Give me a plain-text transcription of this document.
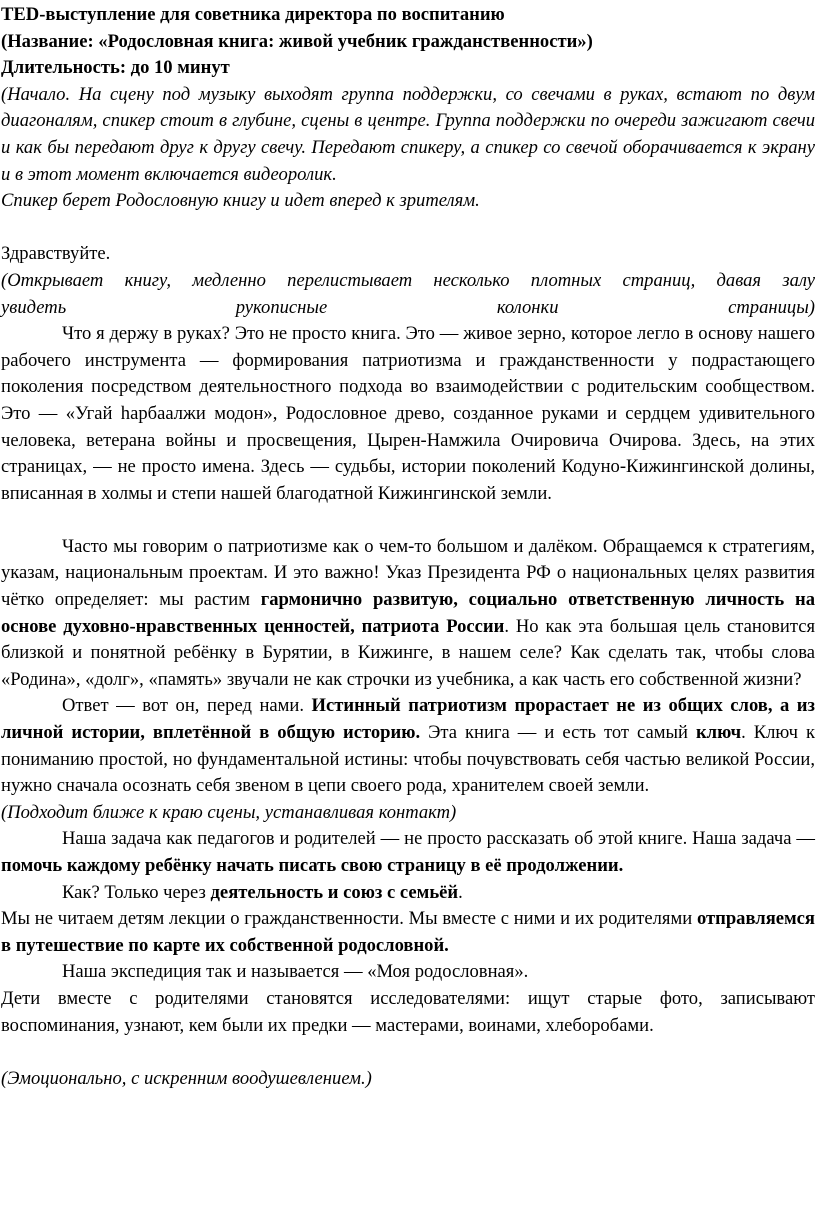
TED-выступление для советника директора по воспитанию

(Название: «Родословная книга: живой учебник гражданственности»)

Длительность: до 10 минут

(Начало. На сцену под музыку выходят группа поддержки, со свечами в руках, встают по двум диагоналям, спикер стоит в глубине, сцены в центре. Группа поддержки по очереди зажигают свечи и как бы передают друг к другу свечу. Передают спикеру, а спикер со свечой оборачивается к экрану и в этот момент включается видеоролик.

Спикер берет Родословную книгу и идет вперед к зрителям.

Здравствуйте.

(Открывает книгу, медленно перелистывает несколько плотных страниц, давая залу

увидеть рукописные колонки страницы)

Что я держу в руках? Это не просто книга. Это — живое зерно, которое легло в основу нашего рабочего инструмента — формирования патриотизма и гражданственности у подрастающего поколения посредством деятельностного подхода во взаимодействии с родительским сообществом. Это — «Угай hарбаалжи модон», Родословное древо, созданное руками и сердцем удивительного человека, ветерана войны и просвещения, Цырен-Намжила Очировича Очирова. Здесь, на этих страницах, — не просто имена. Здесь — судьбы, истории поколений Кодуно-Кижингинской долины, вписанная в холмы и степи нашей благодатной Кижингинской земли.

Часто мы говорим о патриотизме как о чем-то большом и далёком. Обращаемся к стратегиям, указам, национальным проектам. И это важно! Указ Президента РФ о национальных целях развития чётко определяет: мы растим гармонично развитую, социально ответственную личность на основе духовно-нравственных ценностей, патриота России. Но как эта большая цель становится близкой и понятной ребёнку в Бурятии, в Кижинге, в нашем селе? Как сделать так, чтобы слова «Родина», «долг», «память» звучали не как строчки из учебника, а как часть его собственной жизни?

Ответ — вот он, перед нами. Истинный патриотизм прорастает не из общих слов, а из личной истории, вплетённой в общую историю. Эта книга — и есть тот самый ключ. Ключ к пониманию простой, но фундаментальной истины: чтобы почувствовать себя частью великой России, нужно сначала осознать себя звеном в цепи своего рода, хранителем своей земли.

(Подходит ближе к краю сцены, устанавливая контакт)

Наша задача как педагогов и родителей — не просто рассказать об этой книге. Наша задача — помочь каждому ребёнку начать писать свою страницу в её продолжении.

Как? Только через деятельность и союз с семьёй.

Мы не читаем детям лекции о гражданственности. Мы вместе с ними и их родителями отправляемся в путешествие по карте их собственной родословной.

Наша экспедиция так и называется — «Моя родословная».

Дети вместе с родителями становятся исследователями: ищут старые фото, записывают воспоминания, узнают, кем были их предки — мастерами, воинами, хлеборобами.

(Эмоционально, с искренним воодушевлением.)
